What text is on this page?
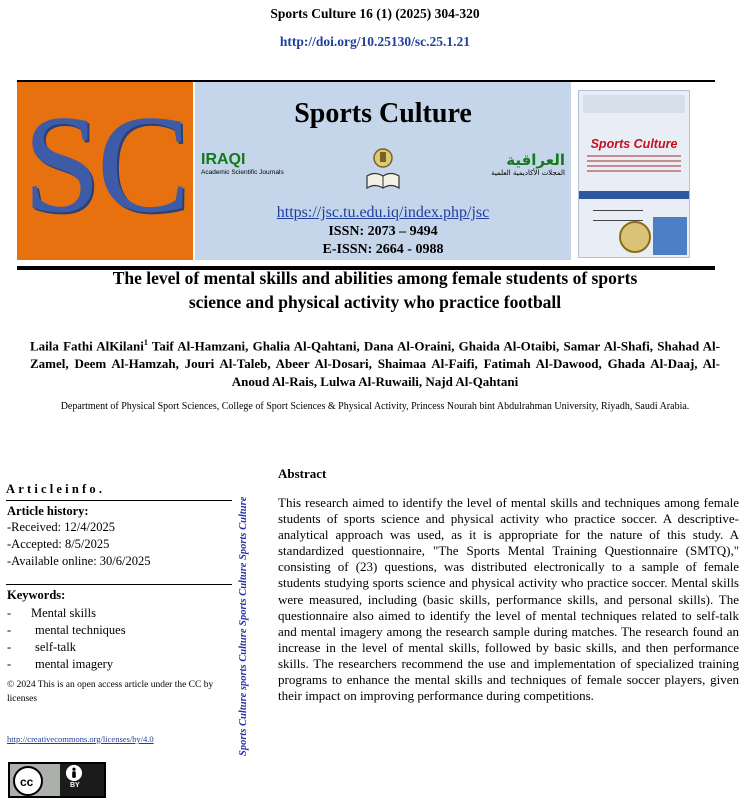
Sports Culture 16 (1) (2025) 304-320
http://doi.org/10.25130/sc.25.1.21
SC	Sports Culture
IRAQI
Academic Scientific Journals
العراقية
المجلات الأكاديمية العلمية
https://jsc.tu.edu.iq/index.php/jsc
ISSN: 2073 – 9494
E-ISSN: 2664 - 0988
Sports Culture
The level of mental skills and abilities among female students of sports
science and physical activity who practice football
Laila Fathi AlKilani$^1$ Taif Al-Hamzani, Ghalia Al-Qahtani, Dana Al-Oraini, Ghaida Al-Otaibi, Samar Al-Shafi, Shahad Al-Zamel, Deem Al-Hamzah, Jouri Al-Taleb, Abeer Al-Dosari, Shaimaa Al-Faifi, Fatimah Al-Dawood, Ghada Al-Daaj, Al-Anoud Al-Rais, Lulwa Al-Ruwaili, Najd Al-Qahtani
Department of Physical Sport Sciences, College of Sport Sciences & Physical Activity, Princess Nourah bint Abdulrahman University, Riyadh, Saudi Arabia.
Articleinfo.
Article history:
-Received: 12/4/2025
-Accepted: 8/5/2025
-Available online: 30/6/2025
Keywords:
- Mental skills
- mental techniques
- self-talk
- mental imagery
© 2024 This is an open access article under the CC by licenses
http://creativecommons.org/licenses/by/4.0
cc	BY
Sports Culture sports Culture Sports Culture Sports Culture
Abstract
This research aimed to identify the level of mental skills and techniques among female students of sports science and physical activity who practice soccer. A descriptive-analytical approach was used, as it is appropriate for the nature of this study. A standardized questionnaire, "The Sports Mental Training Questionnaire (SMTQ)," consisting of (23) questions, was distributed electronically to a sample of female students studying sports science and physical activity who practice soccer. Mental skills were measured, including (basic skills, performance skills, and personal skills). The questionnaire also aimed to identify the level of mental techniques related to self-talk and mental imagery among the research sample during matches. The research found an increase in the level of mental skills, followed by basic skills, and then performance skills. The researchers recommend the use and implementation of specialized training programs to enhance the mental skills and techniques of female soccer players, given their impact on improving performance during competitions.
